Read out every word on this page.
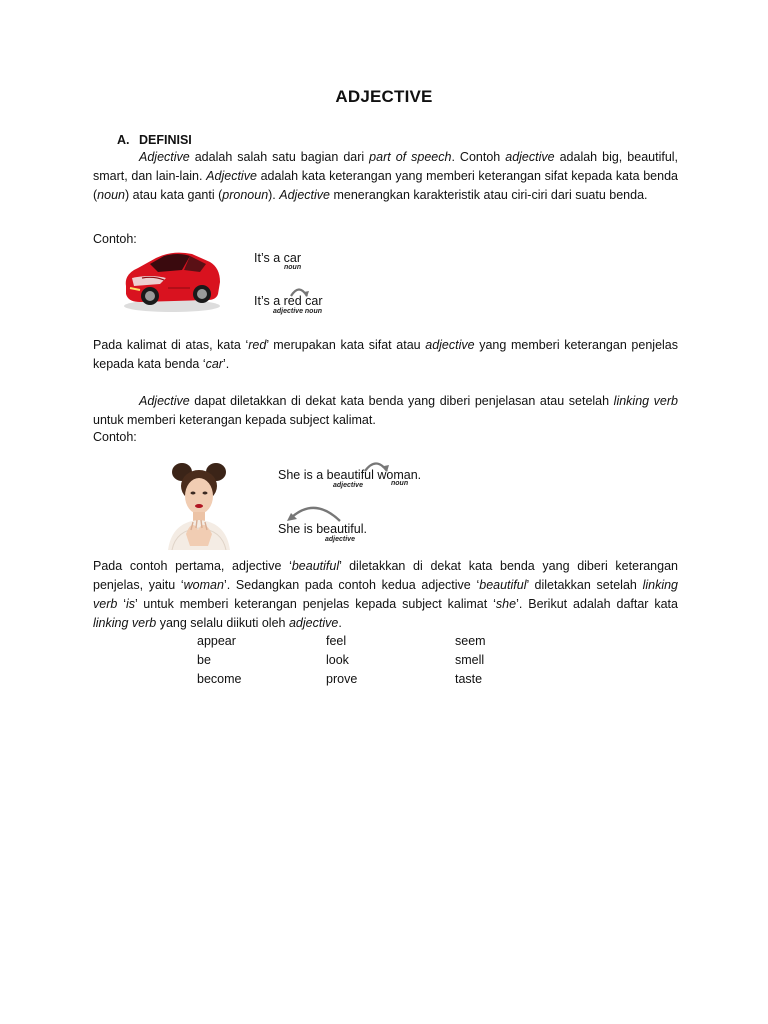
ADJECTIVE
A. DEFINISI
Adjective adalah salah satu bagian dari part of speech. Contoh adjective adalah big, beautiful, smart, dan lain-lain. Adjective adalah kata keterangan yang memberi keterangan sifat kepada kata benda (noun) atau kata ganti (pronoun). Adjective menerangkan karakteristik atau ciri-ciri dari suatu benda.
Contoh:
It’s a car
noun
It’s a red car
adjective noun
Pada kalimat di atas, kata ‘red’ merupakan kata sifat atau adjective yang memberi keterangan penjelas kepada kata benda ‘car’.
Adjective dapat diletakkan di dekat kata benda yang diberi penjelasan atau setelah linking verb untuk memberi keterangan kepada subject kalimat.
Contoh:
She is a beautiful woman.
adjective	noun
She is beautiful.
adjective
Pada contoh pertama, adjective ‘beautiful’ diletakkan di dekat kata benda yang diberi keterangan penjelas, yaitu ‘woman’. Sedangkan pada contoh kedua adjective ‘beautiful’ diletakkan setelah linking verb ‘is’ untuk memberi keterangan penjelas kepada subject kalimat ‘she’. Berikut adalah daftar kata linking verb yang selalu diikuti oleh adjective.
appear	feel	seem
be	look	smell
become	prove	taste
